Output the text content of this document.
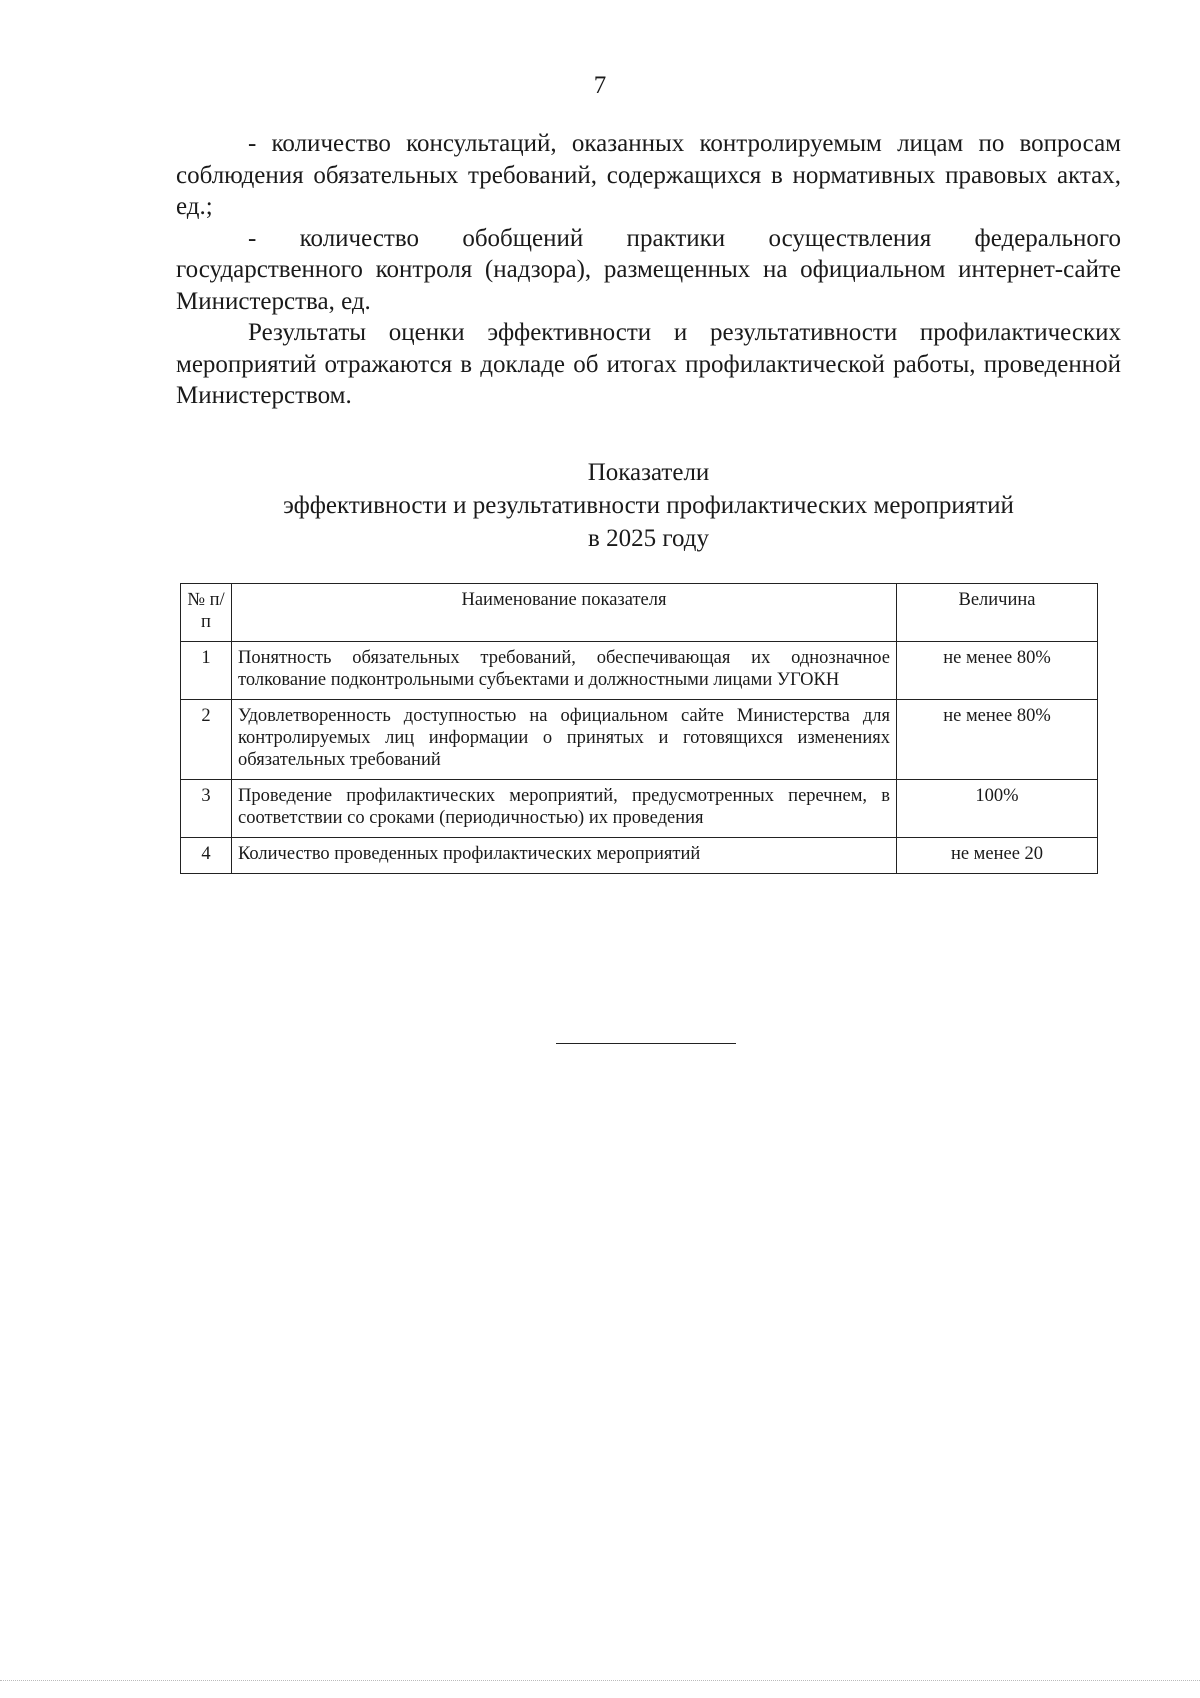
7

- количество консультаций, оказанных контролируемым лицам по вопросам соблюдения обязательных требований, содержащихся в нормативных правовых актах, ед.;

- количество обобщений практики осуществления федерального государственного контроля (надзора), размещенных на официальном интернет-сайте Министерства, ед.

Результаты оценки эффективности и результативности профилактических мероприятий отражаются в докладе об итогах профилактической работы, проведенной Министерством.

Показатели
эффективности и результативности профилактических мероприятий
в 2025 году
№ п/п	Наименование показателя	Величина
1	Понятность обязательных требований, обеспечивающая их однозначное толкование подконтрольными субъектами и должностными лицами УГОКН	не менее 80%
2	Удовлетворенность доступностью на официальном сайте Министерства для контролируемых лиц информации о принятых и готовящихся изменениях обязательных требований	не менее 80%
3	Проведение профилактических мероприятий, предусмотренных перечнем, в соответствии со сроками (периодичностью) их проведения	100%
4	Количество проведенных профилактических мероприятий	не менее 20
